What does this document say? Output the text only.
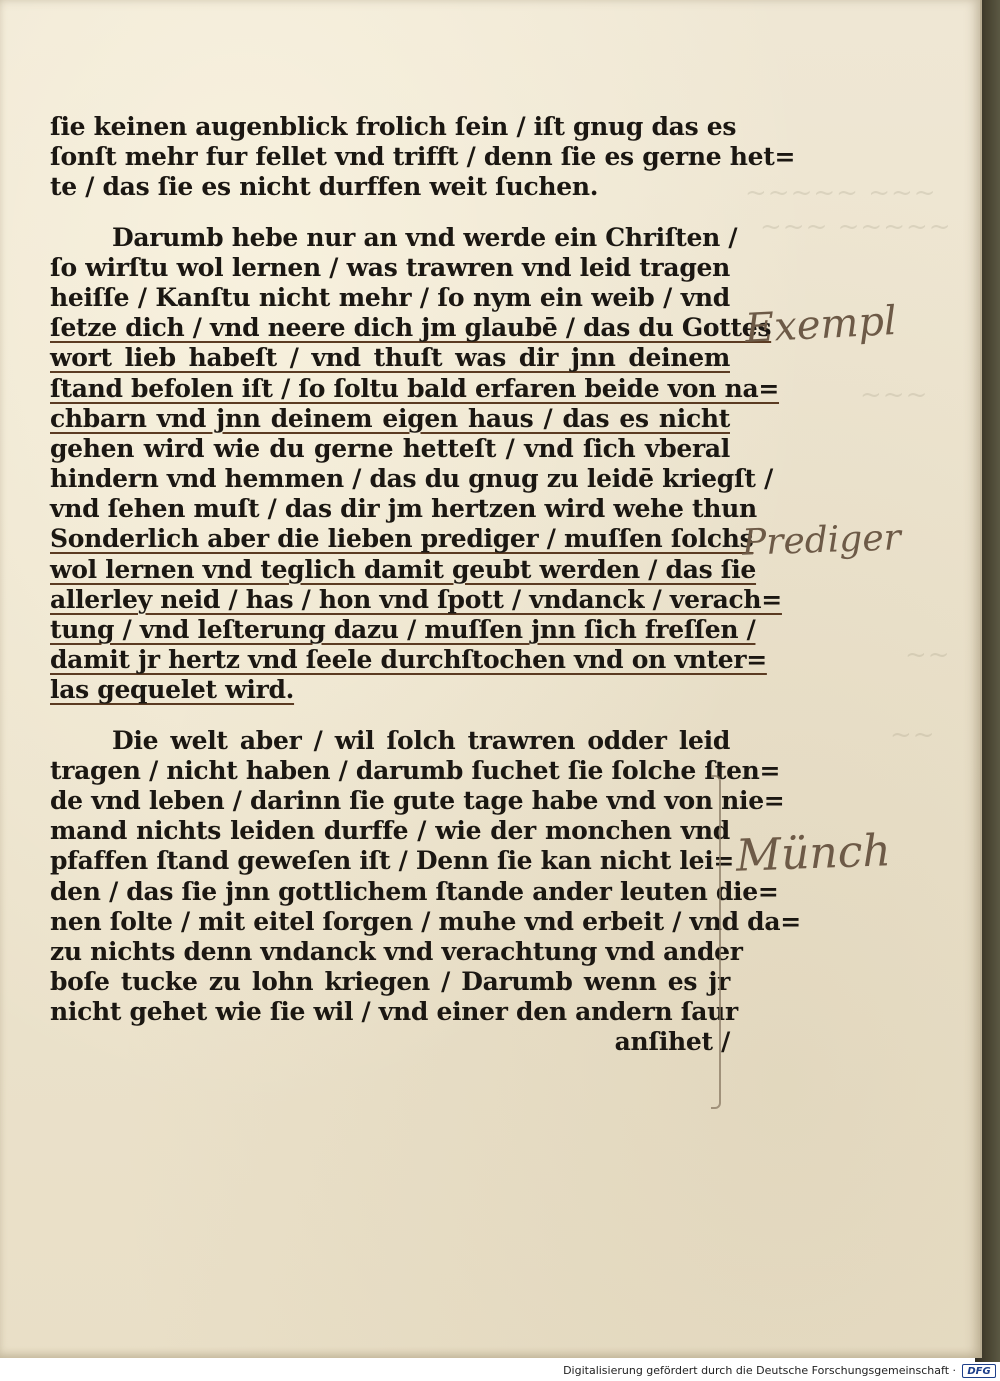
~~~~~ ~~~
~~~ ~~~~~
~~~
~~
~~
ſie keinen augenblick frolich ſein / iſt gnug das es
ſonſt mehr fur fellet vnd trifft / denn ſie es gerne het=
te / das ſie es nicht durffen weit ſuchen.
Darumb hebe nur an vnd werde ein Chriſten /
ſo wirſtu wol lernen / was trawren vnd leid tragen
heiſſe / Kanſtu nicht mehr / ſo nym ein weib / vnd
ſetze dich / vnd neere dich jm glaubē / das du Gottes
wort lieb habeſt / vnd thuſt was dir jnn deinem
ſtand befolen iſt / ſo ſoltu bald erfaren beide von na=
chbarn vnd jnn deinem eigen haus / das es nicht
gehen wird wie du gerne hetteſt / vnd ſich vberal
hindern vnd hemmen / das du gnug zu leidē kriegſt /
vnd ſehen muſt / das dir jm hertzen wird wehe thun
Sonderlich aber die lieben prediger / muſſen ſolchs
wol lernen vnd teglich damit geubt werden / das ſie
allerley neid / has / hon vnd ſpott / vndanck / verach=
tung / vnd leſterung dazu / muſſen jnn ſich freſſen /
damit jr hertz vnd ſeele durchſtochen vnd on vnter=
las gequelet wird.
Die welt aber / wil ſolch trawren odder leid
tragen / nicht haben / darumb ſuchet ſie ſolche ſten=
de vnd leben / darinn ſie gute tage habe vnd von nie=
mand nichts leiden durffe / wie der monchen vnd
pfaffen ſtand geweſen iſt / Denn ſie kan nicht lei=
den / das ſie jnn gottlichem ſtande ander leuten die=
nen ſolte / mit eitel ſorgen / muhe vnd erbeit / vnd da=
zu nichts denn vndanck vnd verachtung vnd ander
boſe tucke zu lohn kriegen / Darumb wenn es jr
nicht gehet wie ſie wil / vnd einer den andern ſaur
anſihet /
Exempl
Prediger
Münch
Digitalisierung gefördert durch die Deutsche Forschungsgemeinschaft ·	DFG
